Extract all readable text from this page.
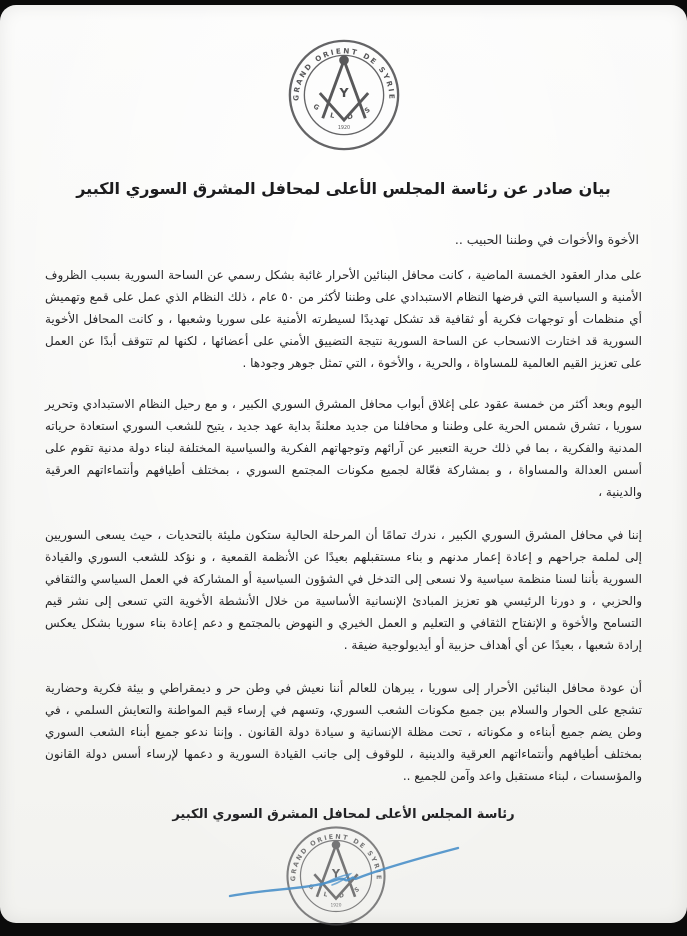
GRAND ORIENT DE SYRIE
G L D S
Y
1920
بيان صادر عن رئاسة المجلس الأعلى لمحافل المشرق السوري الكبير
الأخوة والأخوات في وطننا الحبيب ..
على مدار العقود الخمسة الماضية ، كانت محافل البنائين الأحرار غائبة بشكل رسمي عن الساحة السورية بسبب الظروف الأمنية و السياسية التي فرضها النظام الاستبدادي على وطننا لأكثر من ٥٠ عام ، ذلك النظام الذي عمل على قمع وتهميش أي منظمات أو توجهات فكرية أو ثقافية قد تشكل تهديدًا لسيطرته الأمنية على سوريا وشعبها ، و كانت المحافل الأخوية السورية قد اختارت الانسحاب عن الساحة السورية نتيجة التضييق الأمني على أعضائها ، لكنها لم تتوقف أبدًا عن العمل على تعزيز القيم العالمية للمساواة ، والحرية ، والأخوة ، التي تمثل جوهر وجودها .
اليوم وبعد أكثر من خمسة عقود على إغلاق أبواب محافل المشرق السوري الكبير ، و مع رحيل النظام الاستبدادي وتحرير سوريا ، تشرق شمس الحرية على وطننا و محافلنا من جديد معلنةً بداية عهد جديد ، يتيح للشعب السوري استعادة حرياته المدنية والفكرية ، بما في ذلك حرية التعبير عن آرائهم وتوجهاتهم الفكرية والسياسية المختلفة لبناء دولة مدنية تقوم على أسس العدالة والمساواة ، و بمشاركة فعّالة لجميع مكونات المجتمع السوري ، بمختلف أطيافهم وأنتماءاتهم العرقية والدينية ،
إننا في محافل المشرق السوري الكبير ، ندرك تمامًا أن المرحلة الحالية ستكون مليئة بالتحديات ، حيث يسعى السوريين إلى لملمة جراحهم و إعادة إعمار مدنهم و بناء مستقبلهم بعيدًا عن الأنظمة القمعية ، و نؤكد للشعب السوري والقيادة السورية بأننا لسنا منظمة سياسية ولا نسعى إلى التدخل في الشؤون السياسية أو المشاركة في العمل السياسي والثقافي والحزبي ، و دورنا الرئيسي هو تعزيز المبادئ الإنسانية الأساسية من خلال الأنشطة الأخوية التي تسعى إلى نشر قيم التسامح والأخوة و الإنفتاح الثقافي و التعليم و العمل الخيري و النهوض بالمجتمع و دعم إعادة بناء سوريا بشكل يعكس إرادة شعبها ، بعيدًا عن أي أهداف حزبية أو أيديولوجية ضيقة .
أن عودة محافل البنائين الأحرار إلى سوريا ، يبرهان للعالم أننا نعيش في وطن حر و ديمقراطي و بيئة فكرية وحضارية تشجع على الحوار والسلام بين جميع مكونات الشعب السوري، وتسهم في إرساء قيم المواطنة والتعايش السلمي ، في وطن يضم جميع أبناءه و مكوناته ، تحت مظلة الإنسانية و سيادة دولة القانون . وإننا ندعو جميع أبناء الشعب السوري بمختلف أطيافهم وأنتماءاتهم العرقية والدينية ، للوقوف إلى جانب القيادة السورية و دعمها لإرساء أسس دولة القانون والمؤسسات ، لبناء مستقبل واعد وآمن للجميع ..
رئاسة المجلس الأعلى لمحافل المشرق السوري الكبير
GRAND ORIENT DE SYRIE
G L D S
Y
1920
